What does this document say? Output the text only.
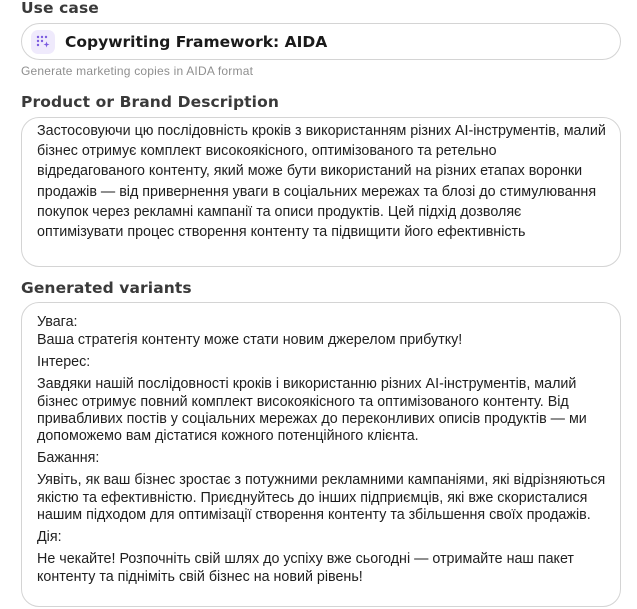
Use case
Copywriting Framework: AIDA
Generate marketing copies in AIDA format
Product or Brand Description
Застосовуючи цю послідовність кроків з використанням різних AI-інструментів, малий бізнес отримує комплект високоякісного, оптимізованого та ретельно відредагованого контенту, який може бути використаний на різних етапах воронки продажів — від привернення уваги в соціальних мережах та блозі до стимулювання покупок через рекламні кампанії та описи продуктів. Цей підхід дозволяє оптимізувати процес створення контенту та підвищити його ефективність
Generated variants
Увага:
Ваша стратегія контенту може стати новим джерелом прибутку!
Інтерес:
Завдяки нашій послідовності кроків і використанню різних AI-інструментів, малий бізнес отримує повний комплект високоякісного та оптимізованого контенту. Від привабливих постів у соціальних мережах до переконливих описів продуктів — ми допоможемо вам дістатися кожного потенційного клієнта.
Бажання:
Уявіть, як ваш бізнес зростає з потужними рекламними кампаніями, які відрізняються якістю та ефективністю. Приєднуйтесь до інших підприємців, які вже скористалися нашим підходом для оптимізації створення контенту та збільшення своїх продажів.
Дія:
Не чекайте! Розпочніть свій шлях до успіху вже сьогодні — отримайте наш пакет контенту та підніміть свій бізнес на новий рівень!
